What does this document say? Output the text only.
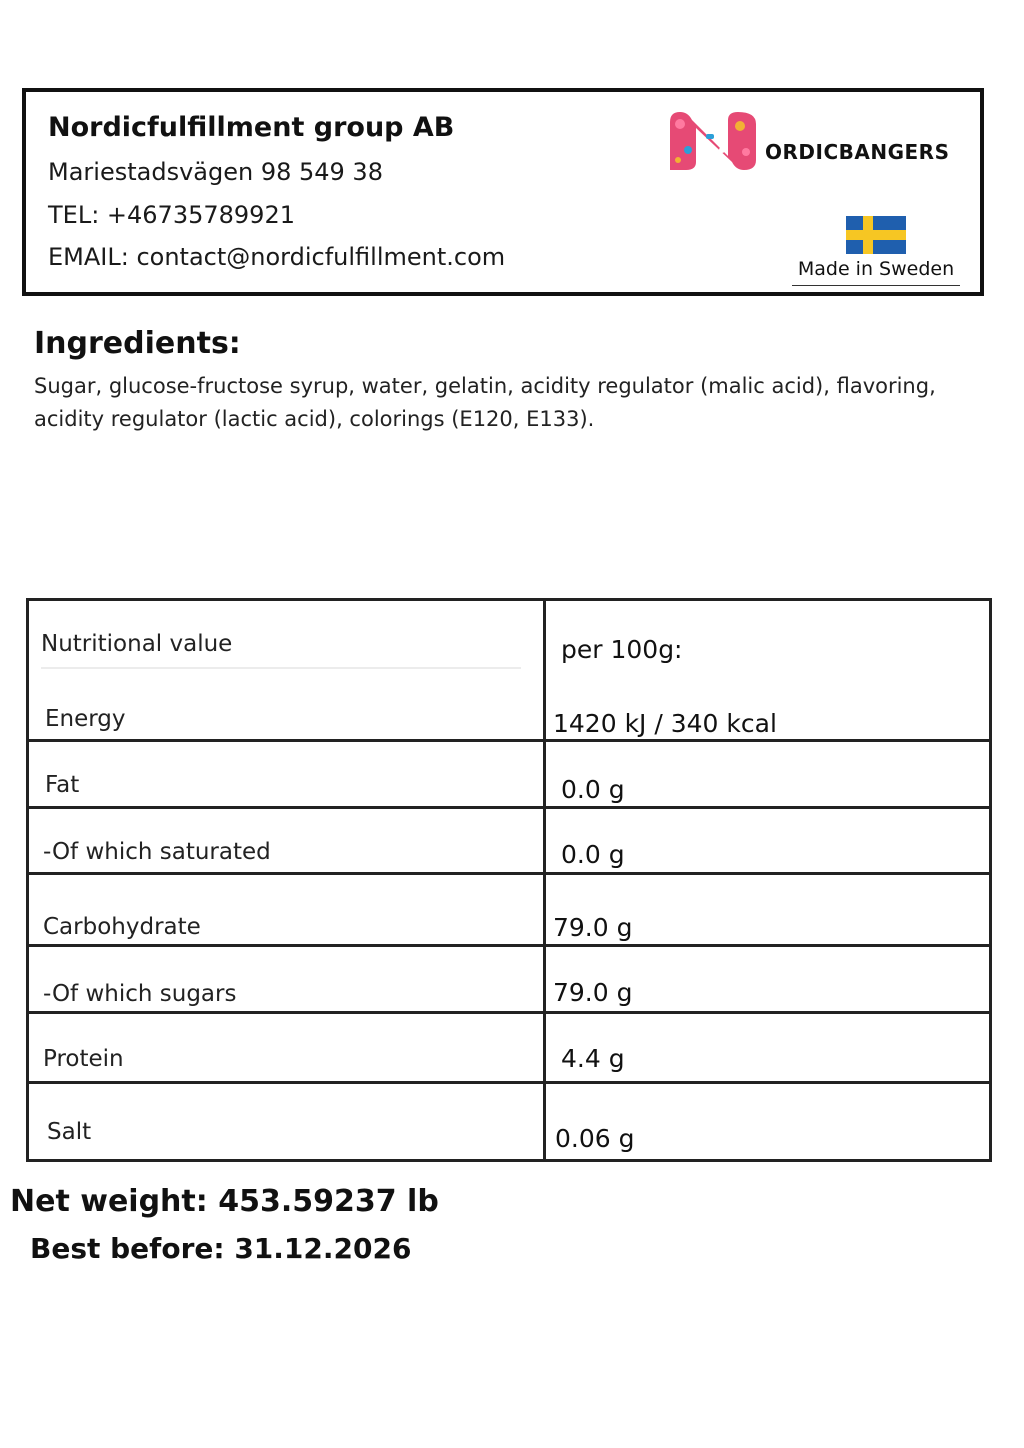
Nordicfulfillment group AB
Mariestadsvägen 98 549 38
TEL: +46735789921
EMAIL: contact@nordicfulfillment.com
ORDICBANGERS
Made in Sweden
Ingredients:
Sugar, glucose-fructose syrup, water, gelatin, acidity regulator (malic acid), flavoring, acidity regulator (lactic acid), colorings (E120, E133).
Nutritional value	per 100g:
Energy	1420 kJ / 340 kcal
Fat	0.0 g
-Of which saturated	0.0 g
Carbohydrate	79.0 g
-Of which sugars	79.0 g
Protein	4.4 g
Salt	0.06 g
Net weight: 453.59237 lb
Best before: 31.12.2026
